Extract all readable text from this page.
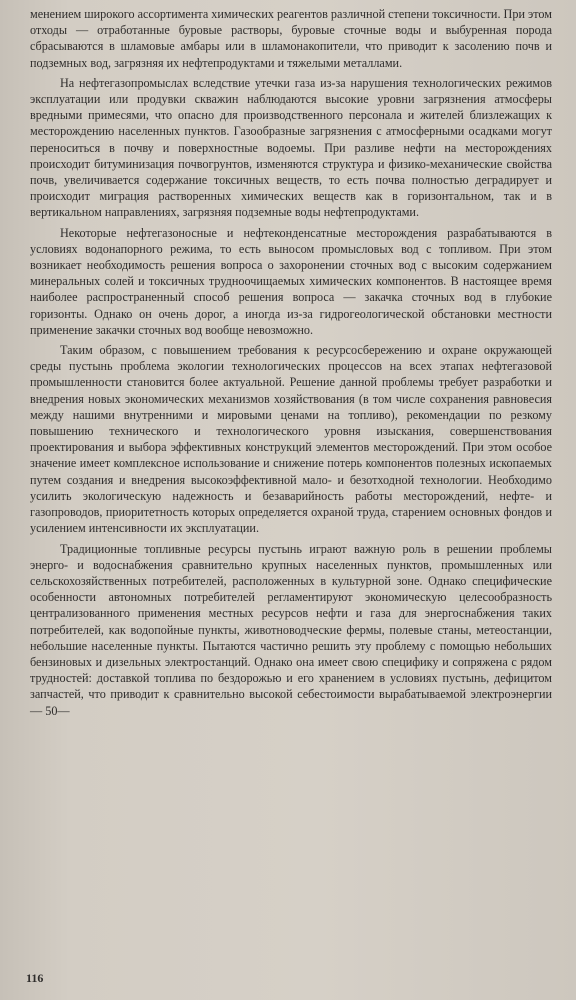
менением широкого ассортимента химических реагентов различной степени токсичности. При этом отходы — отработанные буровые растворы, буровые сточные воды и выбуренная порода сбрасываются в шламовые амбары или в шламонакопители, что приводит к засолению почв и подземных вод, загрязняя их нефтепродуктами и тяжелыми металлами.

На нефтегазопромыслах вследствие утечки газа из-за нарушения технологических режимов эксплуатации или продувки скважин наблюдаются высокие уровни загрязнения атмосферы вредными примесями, что опасно для производственного персонала и жителей близлежащих к месторождению населенных пунктов. Газообразные загрязнения с атмосферными осадками могут переноситься в почву и поверхностные водоемы. При разливе нефти на месторождениях происходит битуминизация почвогрунтов, изменяются структура и физико-механические свойства почв, увеличивается содержание токсичных веществ, то есть почва полностью деградирует и происходит миграция растворенных химических веществ как в горизонтальном, так и в вертикальном направлениях, загрязняя подземные воды нефтепродуктами.

Некоторые нефтегазоносные и нефтеконденсатные месторождения разрабатываются в условиях водонапорного режима, то есть выносом промысловых вод с топливом. При этом возникает необходимость решения вопроса о захоронении сточных вод с высоким содержанием минеральных солей и токсичных трудноочищаемых химических компонентов. В настоящее время наиболее распространенный способ решения вопроса — закачка сточных вод в глубокие горизонты. Однако он очень дорог, а иногда из-за гидрогеологической обстановки местности применение закачки сточных вод вообще невозможно.

Таким образом, с повышением требования к ресурсосбережению и охране окружающей среды пустынь проблема экологии технологических процессов на всех этапах нефтегазовой промышленности становится более актуальной. Решение данной проблемы требует разработки и внедрения новых экономических механизмов хозяйствования (в том числе сохранения равновесия между нашими внутренними и мировыми ценами на топливо), рекомендации по резкому повышению технического и технологического уровня изыскания, совершенствования проектирования и выбора эффективных конструкций элементов месторождений. При этом особое значение имеет комплексное использование и снижение потерь компонентов полезных ископаемых путем создания и внедрения высокоэффективной мало- и безотходной технологии. Необходимо усилить экологическую надежность и безаварийность работы месторождений, нефте- и газопроводов, приоритетность которых определяется охраной труда, старением основных фондов и усилением интенсивности их эксплуатации.

Традиционные топливные ресурсы пустынь играют важную роль в решении проблемы энерго- и водоснабжения сравнительно крупных населенных пунктов, промышленных или сельскохозяйственных потребителей, расположенных в культурной зоне. Однако специфические особенности автономных потребителей регламентируют экономическую целесообразность централизованного применения местных ресурсов нефти и газа для энергоснабжения таких потребителей, как водопойные пункты, животноводческие фермы, полевые станы, метеостанции, небольшие населенные пункты. Пытаются частично решить эту проблему с помощью небольших бензиновых и дизельных электростанций. Однако она имеет свою специфику и сопряжена с рядом трудностей: доставкой топлива по бездорожью и его хранением в условиях пустынь, дефицитом запчастей, что приводит к сравнительно высокой себестоимости вырабатываемой электроэнергии — 50—

116
